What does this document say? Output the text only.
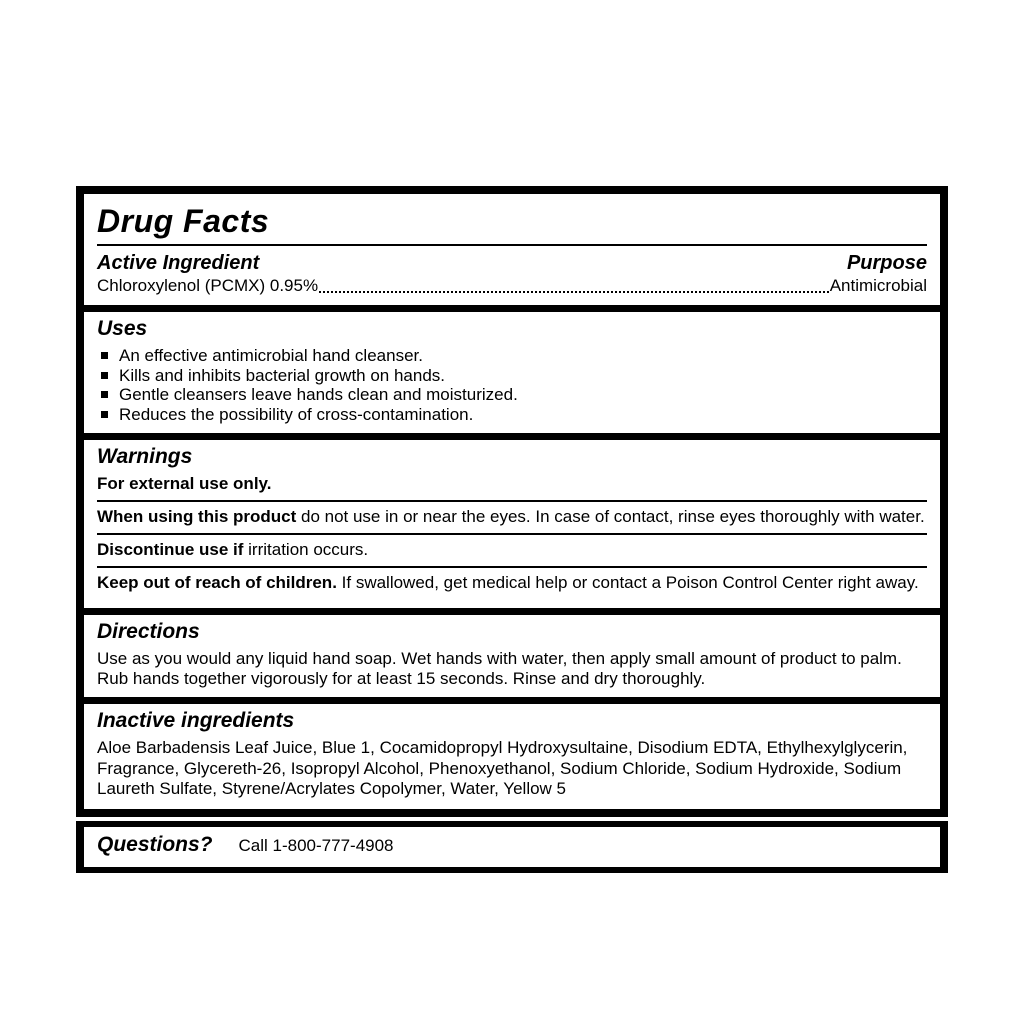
Drug Facts
Active Ingredient	Purpose
Chloroxylenol (PCMX) 0.95%	Antimicrobial
Uses
An effective antimicrobial hand cleanser.
Kills and inhibits bacterial growth on hands.
Gentle cleansers leave hands clean and moisturized.
Reduces the possibility of cross-contamination.
Warnings
For external use only.
When using this product do not use in or near the eyes. In case of contact, rinse eyes thoroughly with water.
Discontinue use if irritation occurs.
Keep out of reach of children. If swallowed, get medical help or contact a Poison Control Center right away.
Directions

Use as you would any liquid hand soap. Wet hands with water, then apply small amount of product to palm. Rub hands together vigorously for at least 15 seconds. Rinse and dry thoroughly.

Inactive ingredients

Aloe Barbadensis Leaf Juice, Blue 1, Cocamidopropyl Hydroxysultaine, Disodium EDTA, Ethylhexylglycerin, Fragrance, Glycereth-26, Isopropyl Alcohol, Phenoxyethanol, Sodium Chloride, Sodium Hydroxide, Sodium Laureth Sulfate, Styrene/Acrylates Copolymer, Water, Yellow 5

Questions? Call 1-800-777-4908
